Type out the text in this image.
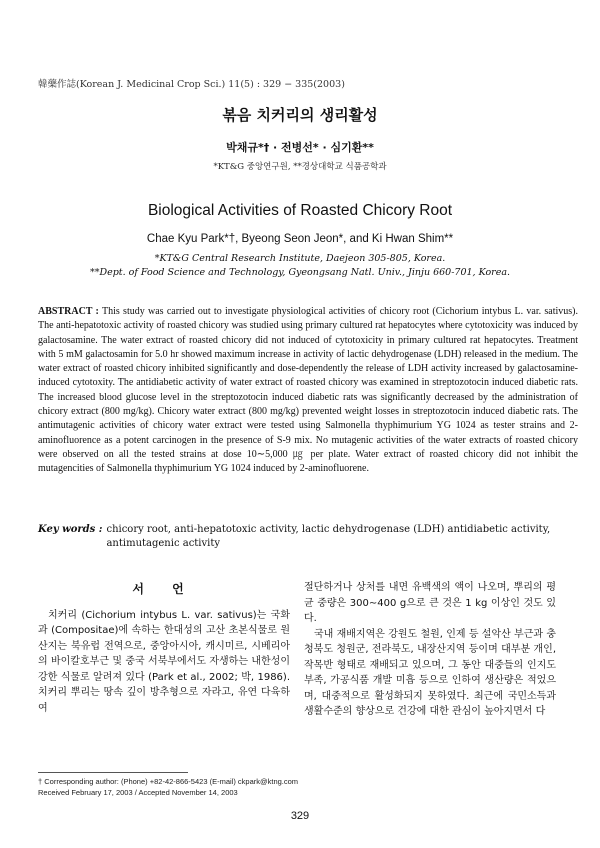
韓藥作誌(Korean J. Medicinal Crop Sci.) 11(5) : 329 − 335(2003)
볶음 치커리의 생리활성
박채규*† · 전병선* · 심기환**
*KT&G 중앙연구원, **경상대학교 식품공학과
Biological Activities of Roasted Chicory Root
Chae Kyu Park*†, Byeong Seon Jeon*, and Ki Hwan Shim**
*KT&G Central Research Institute, Daejeon 305-805, Korea.
**Dept. of Food Science and Technology, Gyeongsang Natl. Univ., Jinju 660-701, Korea.
ABSTRACT : This study was carried out to investigate physiological activities of chicory root (Cichorium intybus L. var. sativus). The anti-hepatotoxic activity of roasted chicory was studied using primary cultured rat hepatocytes where cytotoxicity was induced by galactosamine. The water extract of roasted chicory did not induced of cytotoxicity in primary cultured rat hepatocytes. Treatment with 5 mM galactosamin for 5.0 hr showed maximum increase in activity of lactic dehydrogenase (LDH) released in the medium. The water extract of roasted chicory inhibited significantly and dose-dependently the release of LDH activity increased by galactosamine-induced cytotoxity. The antidiabetic activity of water extract of roasted chicory was examined in streptozotocin induced diabetic rats. The increased blood glucose level in the streptozotocin induced diabetic rats was significantly decreased by the administration of chicory extract (800 mg/kg). Chicory water extract (800 mg/kg) prevented weight losses in streptozotocin induced diabetic rats. The antimutagenic activities of chicory water extract were tested using Salmonella thyphimurium YG 1024 as tester strains and 2-aminofluorence as a potent carcinogen in the presence of S-9 mix. No mutagenic activities of the water extracts of roasted chicory were observed on all the tested strains at dose 10∼5,000 ㎍ per plate. Water extract of roasted chicory did not inhibit the mutagencities of Salmonella thyphimurium YG 1024 induced by 2-aminofluorene.
Key words : chicory root, anti-hepatotoxic activity, lactic dehydrogenase (LDH) antidiabetic activity, antimutagenic activity
서 언

치커리 (Cichorium intybus L. var. sativus)는 국화과 (Compositae)에 속하는 한대성의 고산 초본식물로 원산지는 북유럽 전역으로, 중앙아시아, 캐시미르, 시베리아의 바이칼호부근 및 중국 서북부에서도 자생하는 내한성이 강한 식물로 알려져 있다 (Park et al., 2002; 박, 1986). 치커리 뿌리는 땅속 깊이 방추형으로 자라고, 유연 다육하여

절단하거나 상처를 내면 유백색의 액이 나오며, 뿌리의 평균 중량은 300∼400 g으로 큰 것은 1 kg 이상인 것도 있다.

국내 재배지역은 강원도 철원, 인제 등 설악산 부근과 충청북도 청원군, 전라북도, 내장산지역 등이며 대부분 개인, 작목반 형태로 재배되고 있으며, 그 동안 대중들의 인지도 부족, 가공식품 개발 미흡 등으로 인하여 생산량은 적었으며, 대중적으로 활성화되지 못하였다. 최근에 국민소득과 생활수준의 향상으로 건강에 대한 관심이 높아지면서 다

† Corresponding author: (Phone) +82-42-866-5423 (E-mail) ckpark@ktng.com
Received February 17, 2003 / Accepted November 14, 2003
329
